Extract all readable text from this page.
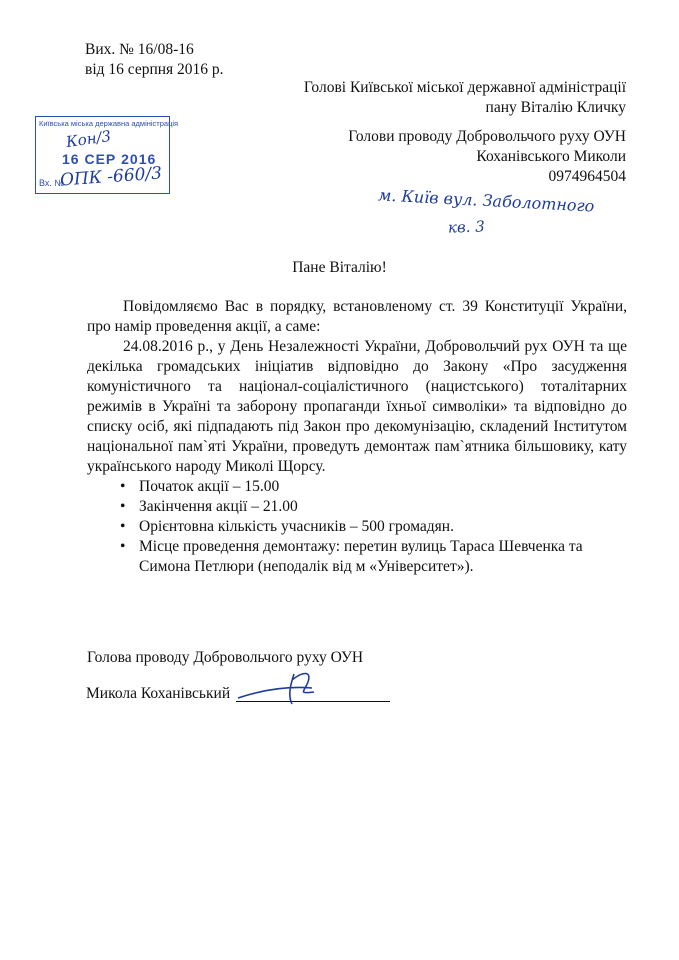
Вих. № 16/08-16
від 16 серпня 2016 р.
Голові Київської міської державної адміністрації
пану Віталію Кличку
Голови проводу Добровольчого руху ОУН
Коханівського Миколи
0974964504
Київська міська державна адміністрація
16 СЕР 2016
Вх. №
Кон/3
ОПК -660/3
м. Київ вул. Заболотного
кв. 3
Пане Віталію!

Повідомляємо Вас в порядку, встановленому ст. 39 Конституції України, про намір проведення акції, а саме:

24.08.2016 р., у День Незалежності України, Добровольчий рух ОУН та ще декілька громадських ініціатив відповідно до Закону «Про засудження комуністичного та націонал-соціалістичного (нацистського) тоталітарних режимів в Україні та заборону пропаганди їхньої символіки» та відповідно до списку осіб, які підпадають під Закон про декомунізацію, складений Інститутом національної пам`яті України, проведуть демонтаж пам`ятника більшовику, кату українського народу Миколі Щорсу.

• Початок акції – 15.00
• Закінчення акції – 21.00
• Орієнтовна кількість учасників – 500 громадян.
• Місце проведення демонтажу: перетин вулиць Тараса Шевченка та Симона Петлюри (неподалік від м «Університет»).
Голова проводу Добровольчого руху ОУН
Микола Коханівський
